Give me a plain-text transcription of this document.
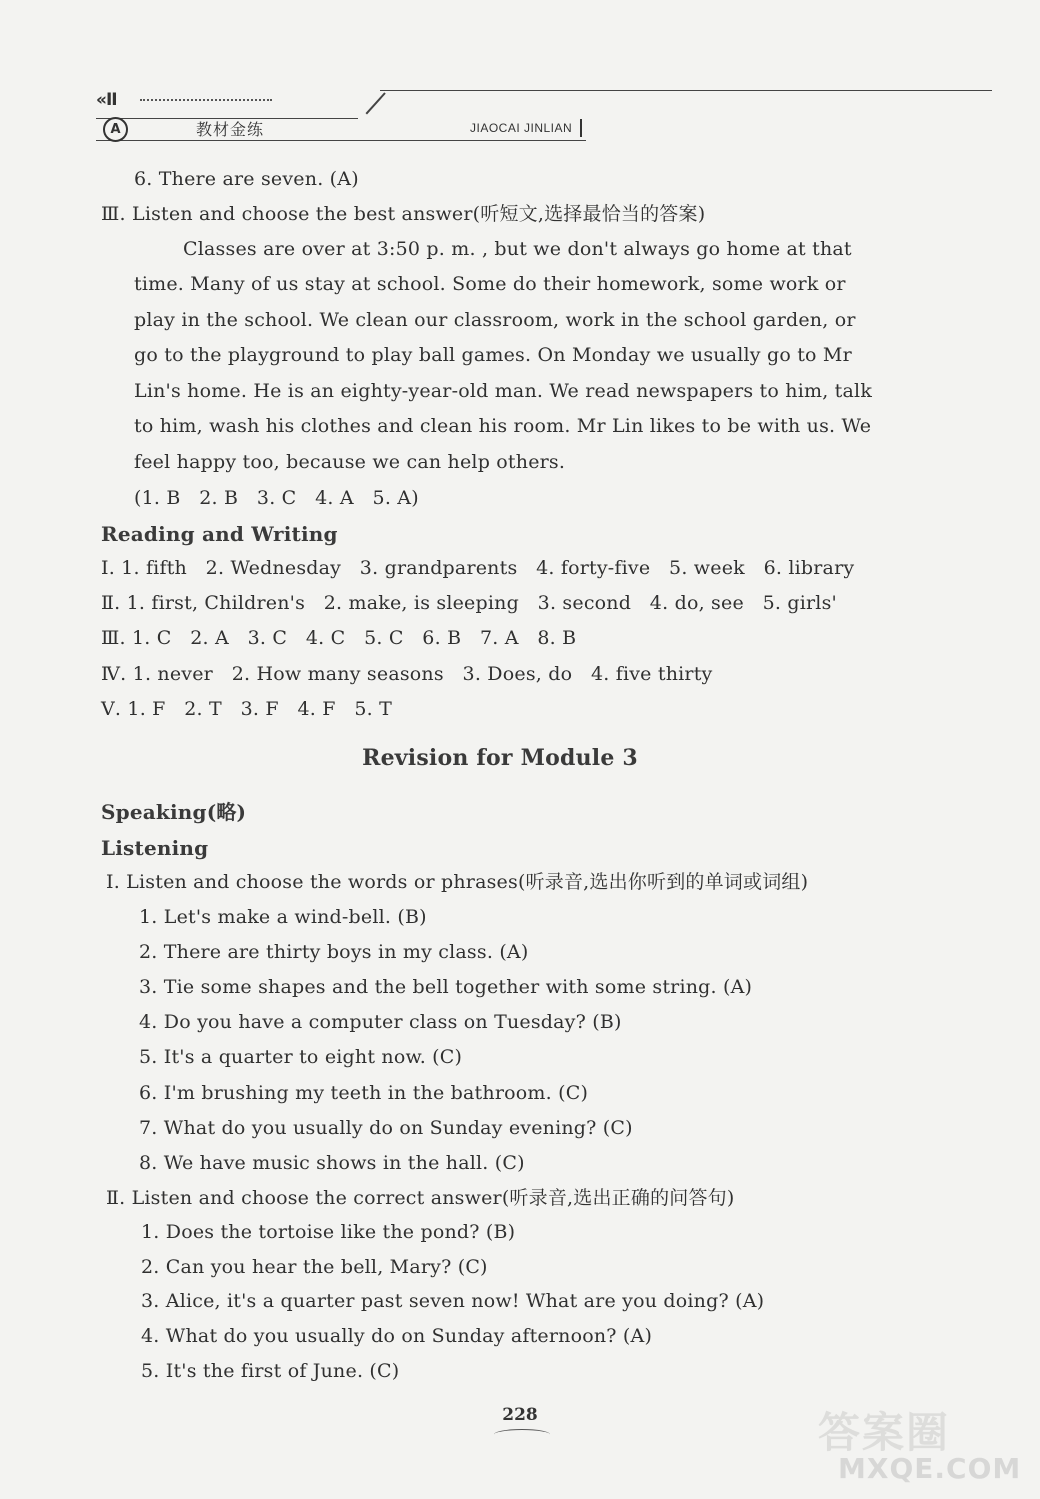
«II
A	教材金练	JIAOCAI JINLIAN
6. There are seven. (A)
Ⅲ. Listen and choose the best answer(听短文,选择最恰当的答案)
Classes are over at 3:50 p. m. , but we don't always go home at that
time. Many of us stay at school. Some do their homework, some work or
play in the school. We clean our classroom, work in the school garden, or
go to the playground to play ball games. On Monday we usually go to Mr
Lin's home. He is an eighty-year-old man. We read newspapers to him, talk
to him, wash his clothes and clean his room. Mr Lin likes to be with us. We
feel happy too, because we can help others.
(1. B   2. B   3. C   4. A   5. A)
Reading and Writing
Ⅰ. 1. fifth   2. Wednesday   3. grandparents   4. forty-five   5. week   6. library
Ⅱ. 1. first, Children's   2. make, is sleeping   3. second   4. do, see   5. girls'
Ⅲ. 1. C   2. A   3. C   4. C   5. C   6. B   7. A   8. B
Ⅳ. 1. never   2. How many seasons   3. Does, do   4. five thirty
Ⅴ. 1. F   2. T   3. F   4. F   5. T
Revision for Module 3
Speaking(略)
Listening
Ⅰ. Listen and choose the words or phrases(听录音,选出你听到的单词或词组)
1. Let's make a wind-bell. (B)
2. There are thirty boys in my class. (A)
3. Tie some shapes and the bell together with some string. (A)
4. Do you have a computer class on Tuesday? (B)
5. It's a quarter to eight now. (C)
6. I'm brushing my teeth in the bathroom. (C)
7. What do you usually do on Sunday evening? (C)
8. We have music shows in the hall. (C)
Ⅱ. Listen and choose the correct answer(听录音,选出正确的问答句)
1. Does the tortoise like the pond? (B)
2. Can you hear the bell, Mary? (C)
3. Alice, it's a quarter past seven now! What are you doing? (A)
4. What do you usually do on Sunday afternoon? (A)
5. It's the first of June. (C)
228	答案圈
MXQE.COM
